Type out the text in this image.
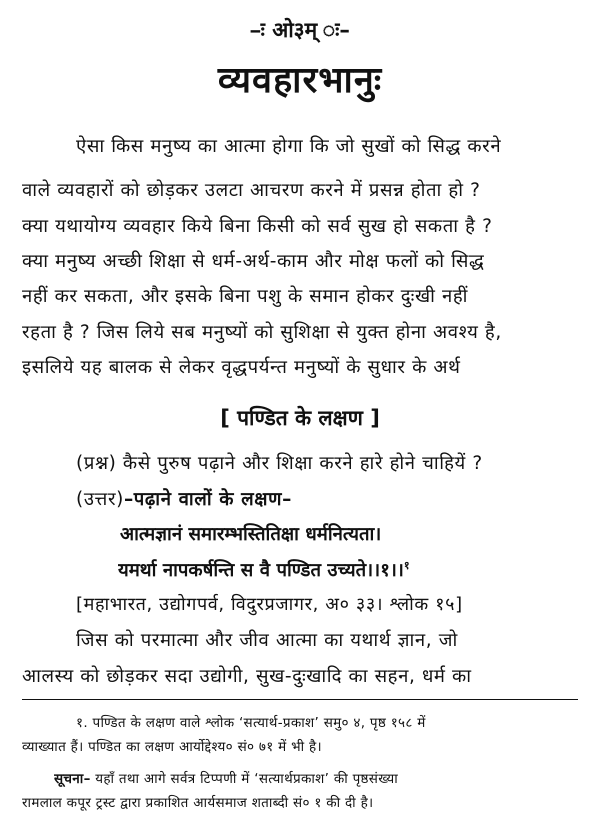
–ः ओ३म् ः–
व्यवहारभानुः
ऐसा किस मनुष्य का आत्मा होगा कि जो सुखों को सिद्ध करने
वाले व्यवहारों को छोड़कर उलटा आचरण करने में प्रसन्न होता हो ?
क्या यथायोग्य व्यवहार किये बिना किसी को सर्व सुख हो सकता है ?
क्या मनुष्य अच्छी शिक्षा से धर्म-अर्थ-काम और मोक्ष फलों को सिद्ध
नहीं कर सकता, और इसके बिना पशु के समान होकर दुःखी नहीं
रहता है ? जिस लिये सब मनुष्यों को सुशिक्षा से युक्त होना अवश्य है,
इसलिये यह बालक से लेकर वृद्धपर्यन्त मनुष्यों के सुधार के अर्थ
[ पण्डित के लक्षण ]
(प्रश्न) कैसे पुरुष पढ़ाने और शिक्षा करने हारे होने चाहियें ?
(उत्तर)–पढ़ाने वालों के लक्षण–
आत्मज्ञानं समारम्भस्तितिक्षा धर्मनित्यता।
यमर्था नापकर्षन्ति स वै पण्डित उच्यते।।१।।$^१$
[महाभारत, उद्योगपर्व, विदुरप्रजागर, अ० ३३। श्लोक १५]
जिस को परमात्मा और जीव आत्मा का यथार्थ ज्ञान, जो
आलस्य को छोड़कर सदा उद्योगी, सुख-दुःखादि का सहन, धर्म का
१. पण्डित के लक्षण वाले श्लोक ‘सत्यार्थ-प्रकाश’ समु० ४, पृष्ठ १५८ में
व्याख्यात हैं। पण्डित का लक्षण आर्योद्देश्य० सं० ७१ में भी है।
सूचना– यहाँ तथा आगे सर्वत्र टिप्पणी में ‘सत्यार्थप्रकाश’ की पृष्ठसंख्या
रामलाल कपूर ट्रस्ट द्वारा प्रकाशित आर्यसमाज शताब्दी सं० १ की दी है।
